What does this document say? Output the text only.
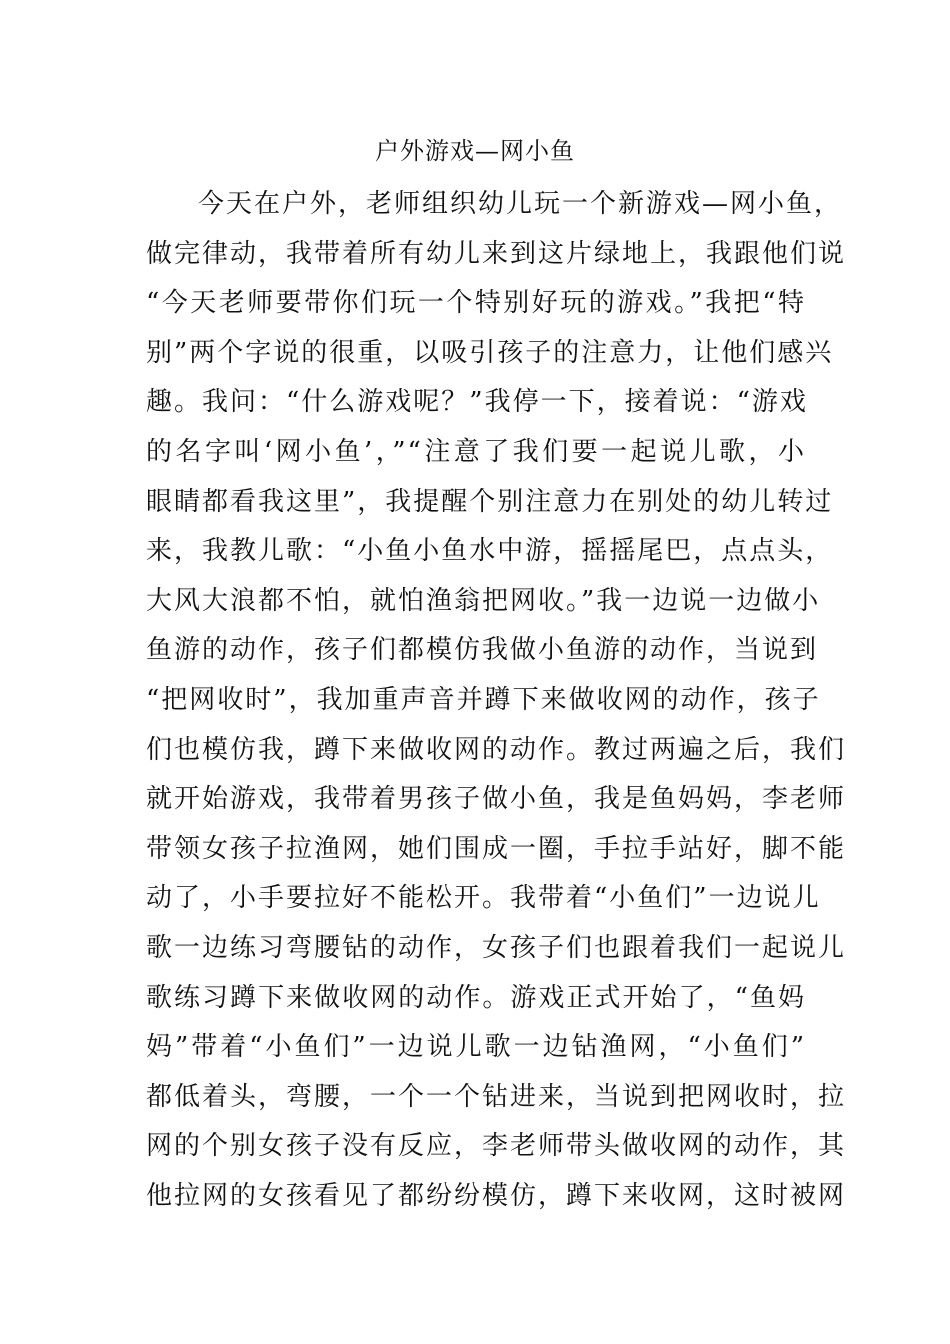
户外游戏—网小鱼
今天在户外，老师组织幼儿玩一个新游戏—网小鱼，
做完律动，我带着所有幼儿来到这片绿地上，我跟他们说
“今天老师要带你们玩一个特别好玩的游戏。”我把“特
别”两个字说的很重，以吸引孩子的注意力，让他们感兴
趣。我问：“什么游戏呢？”我停一下，接着说：“游戏
的名字叫‘网小鱼’，”“注意了我们要一起说儿歌，小
眼睛都看我这里”，我提醒个别注意力在别处的幼儿转过
来，我教儿歌：“小鱼小鱼水中游，摇摇尾巴，点点头，
大风大浪都不怕，就怕渔翁把网收。”我一边说一边做小
鱼游的动作，孩子们都模仿我做小鱼游的动作，当说到
“把网收时”，我加重声音并蹲下来做收网的动作，孩子
们也模仿我，蹲下来做收网的动作。教过两遍之后，我们
就开始游戏，我带着男孩子做小鱼，我是鱼妈妈，李老师
带领女孩子拉渔网，她们围成一圈，手拉手站好，脚不能
动了，小手要拉好不能松开。我带着“小鱼们”一边说儿
歌一边练习弯腰钻的动作，女孩子们也跟着我们一起说儿
歌练习蹲下来做收网的动作。游戏正式开始了，“鱼妈
妈”带着“小鱼们”一边说儿歌一边钻渔网，“小鱼们”
都低着头，弯腰，一个一个钻进来，当说到把网收时，拉
网的个别女孩子没有反应，李老师带头做收网的动作，其
他拉网的女孩看见了都纷纷模仿，蹲下来收网，这时被网
